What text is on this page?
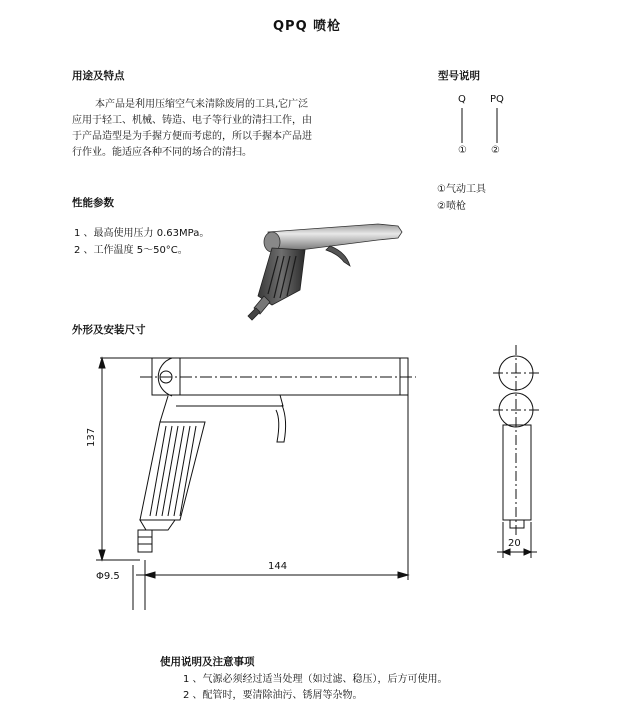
QPQ 喷枪
用途及特点
本产品是利用压缩空气来清除废屑的工具,它广泛
应用于轻工、机械、铸造、电子等行业的清扫工作，由
于产品造型是为手握方便而考虑的，所以手握本产品进
行作业。能适应各种不同的场合的清扫。
型号说明
Q PQ
① ②
①气动工具
②喷枪
性能参数
1 、最高使用压力 0.63MPa。
2 、工作温度 5～50°C。
外形及安装尺寸
137
144
Φ9.5
20
使用说明及注意事项
1 、气源必须经过适当处理（如过滤、稳压），后方可使用。
2 、配管时，要清除油污、锈屑等杂物。
